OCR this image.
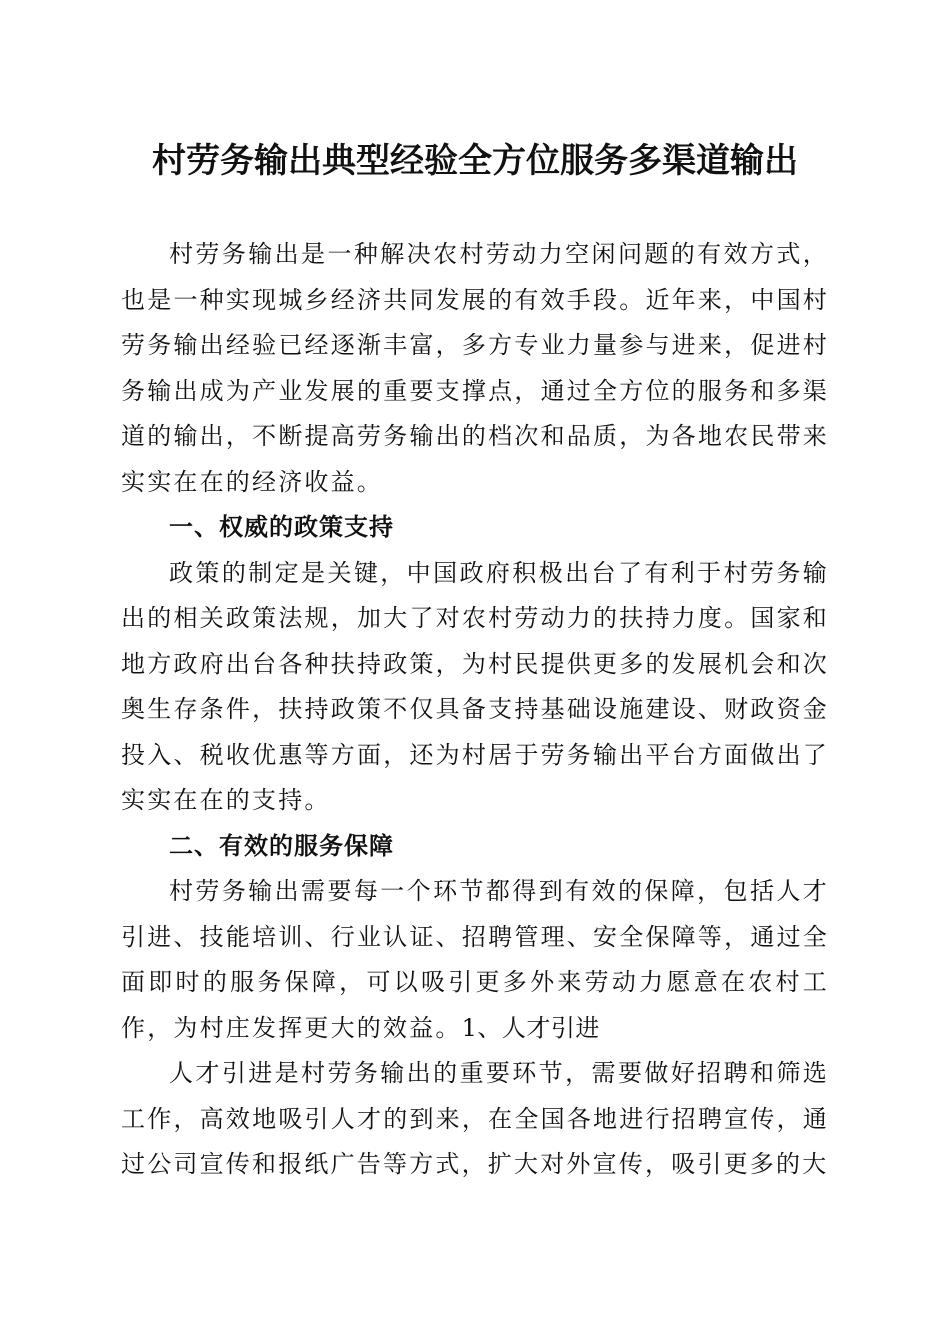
村劳务输出典型经验全方位服务多渠道输出

村劳务输出是一种解决农村劳动力空闲问题的有效方式，也是一种实现城乡经济共同发展的有效手段。近年来，中国村劳务输出经验已经逐渐丰富，多方专业力量参与进来，促进村务输出成为产业发展的重要支撑点，通过全方位的服务和多渠道的输出，不断提高劳务输出的档次和品质，为各地农民带来实实在在的经济收益。

一、权威的政策支持

政策的制定是关键，中国政府积极出台了有利于村劳务输出的相关政策法规，加大了对农村劳动力的扶持力度。国家和地方政府出台各种扶持政策，为村民提供更多的发展机会和次奥生存条件，扶持政策不仅具备支持基础设施建设、财政资金投入、税收优惠等方面，还为村居于劳务输出平台方面做出了实实在在的支持。

二、有效的服务保障

村劳务输出需要每一个环节都得到有效的保障，包括人才引进、技能培训、行业认证、招聘管理、安全保障等，通过全面即时的服务保障，可以吸引更多外来劳动力愿意在农村工作，为村庄发挥更大的效益。1、人才引进

人才引进是村劳务输出的重要环节，需要做好招聘和筛选工作，高效地吸引人才的到来，在全国各地进行招聘宣传，通过公司宣传和报纸广告等方式，扩大对外宣传，吸引更多的大
